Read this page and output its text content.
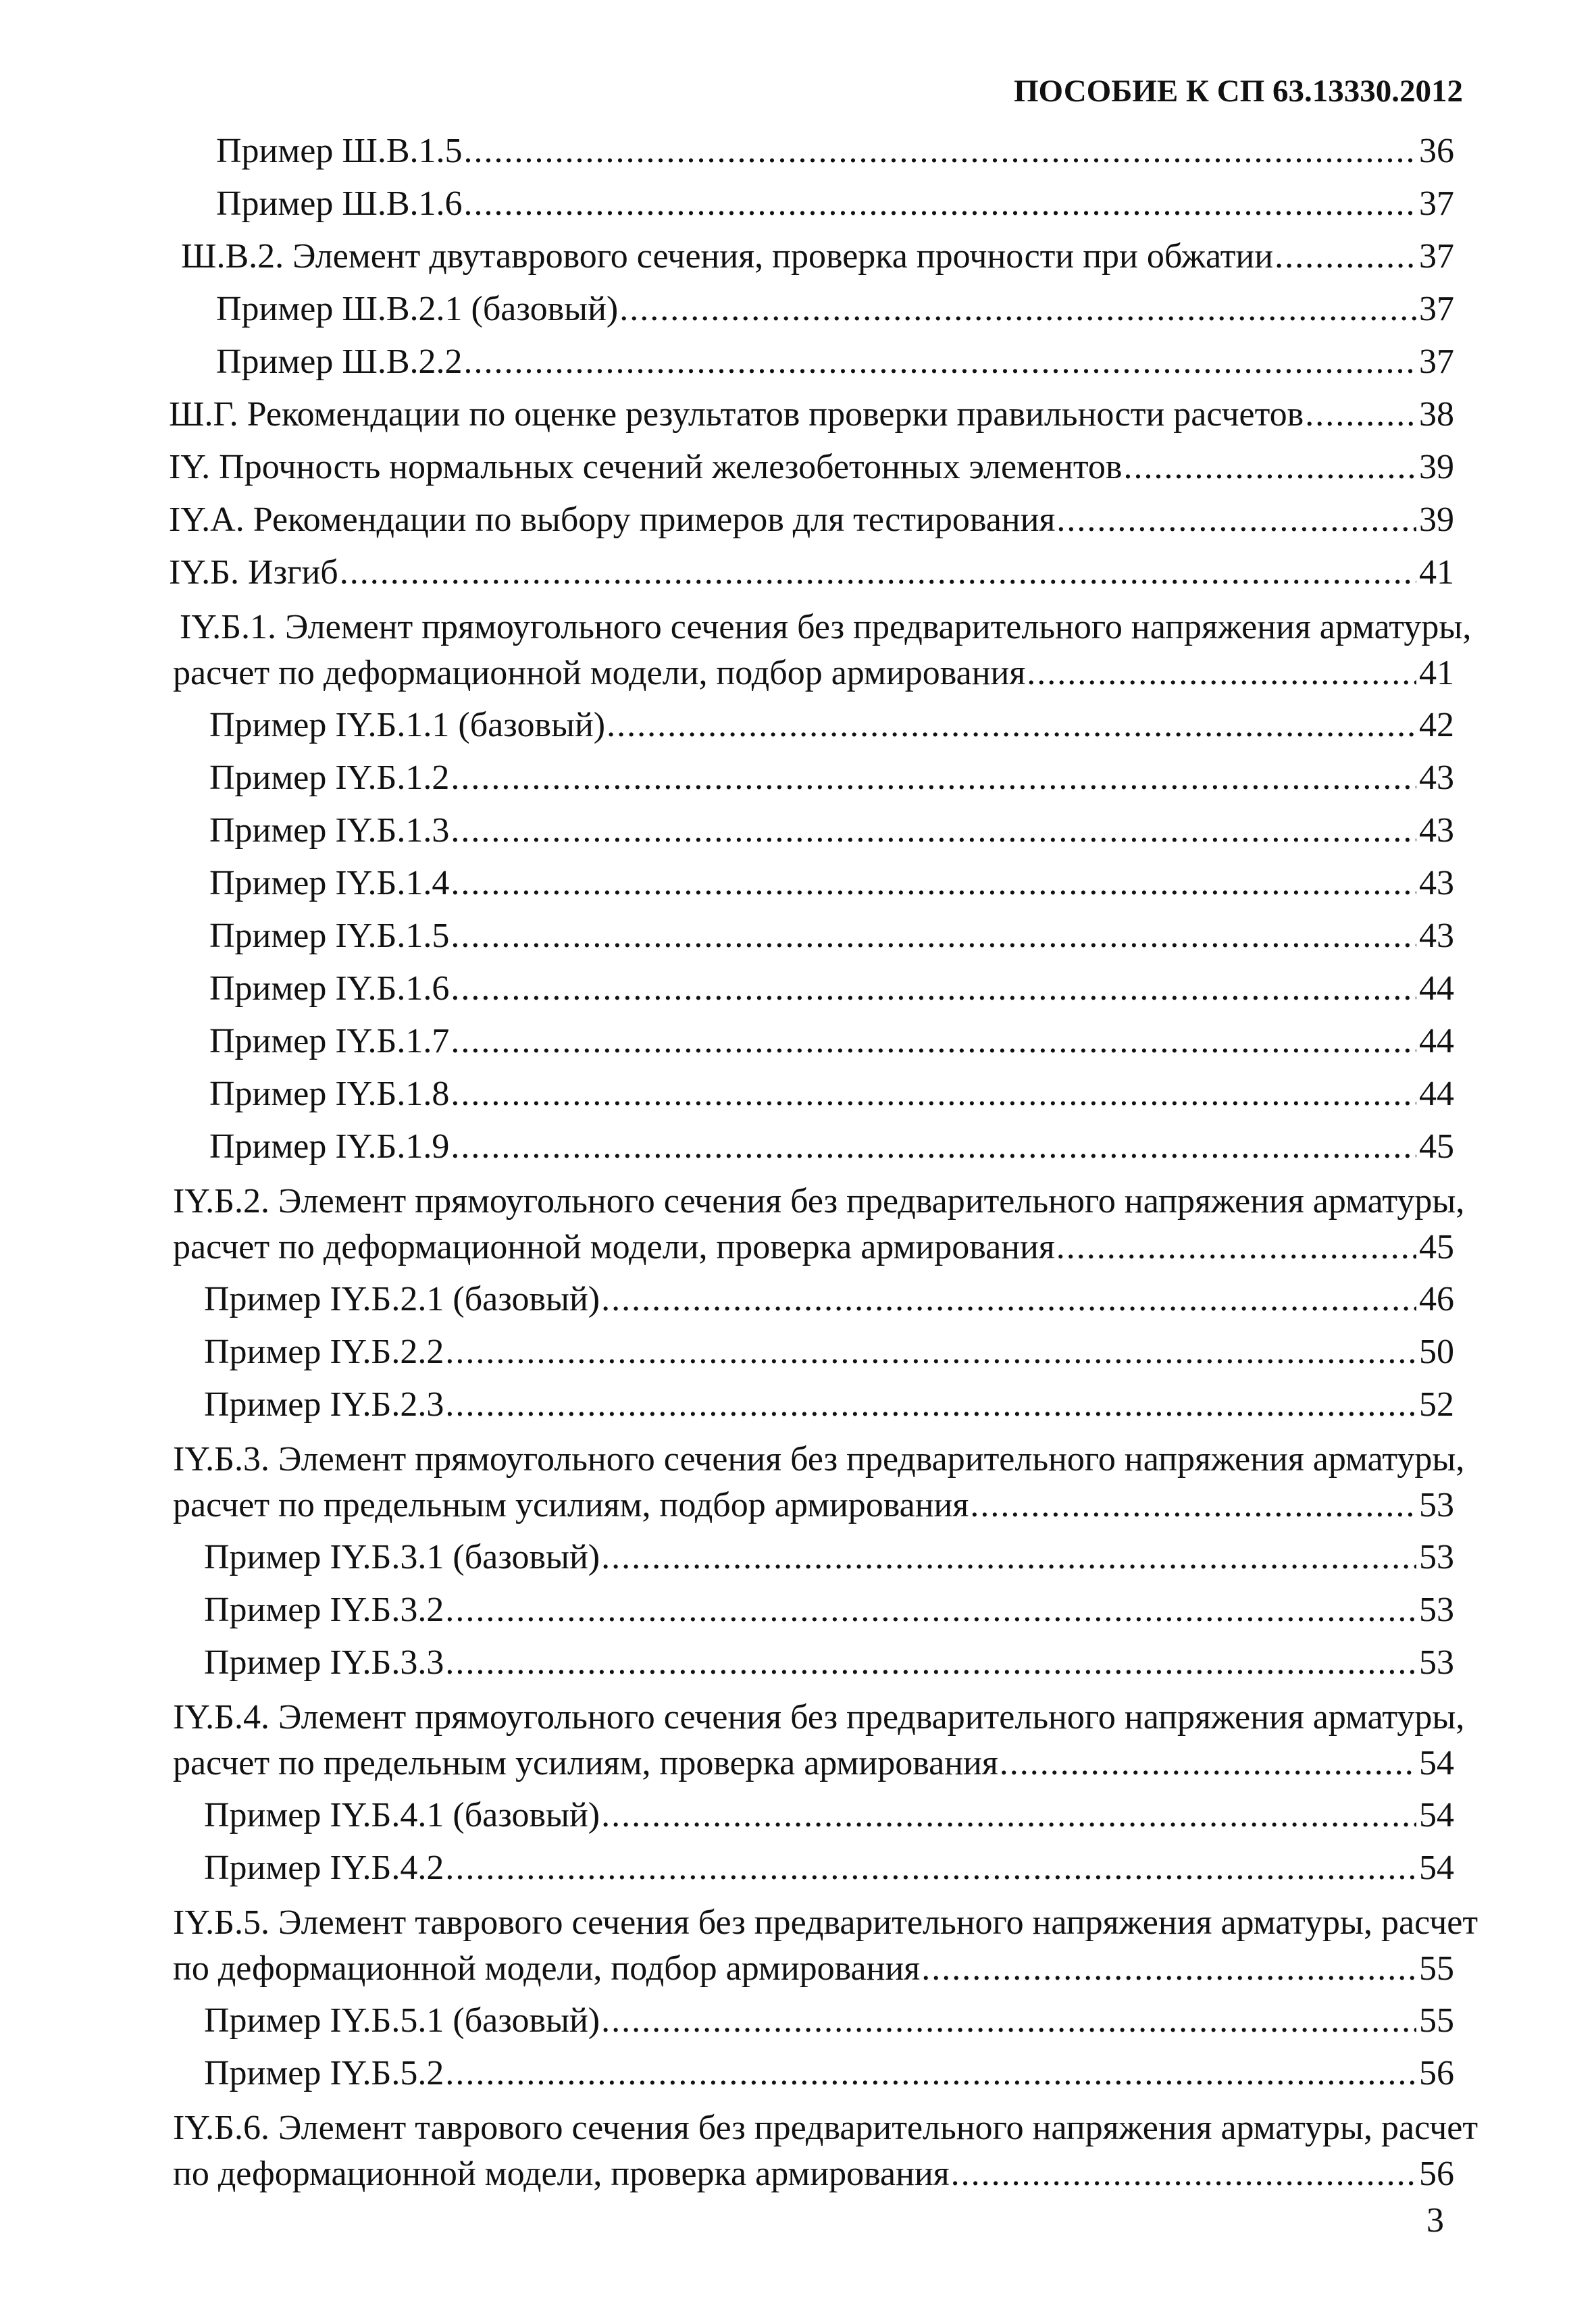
ПОСОБИЕ К СП 63.13330.2012
Пример Ш.В.1.5 .....	36
Пример Ш.В.1.6 .....	37
Ш.В.2. Элемент двутаврового сечения, проверка прочности при обжатии .....	37
Пример Ш.В.2.1 (базовый) .....	37
Пример Ш.В.2.2 .....	37
Ш.Г. Рекомендации по оценке результатов проверки правильности расчетов .....	38
IY. Прочность нормальных сечений железобетонных элементов .....	39
IY.А. Рекомендации по выбору примеров для тестирования .....	39
IY.Б. Изгиб .....	41
IY.Б.1. Элемент прямоугольного сечения без предварительного напряжения арматуры,
расчет по деформационной модели, подбор армирования .....	41
Пример IY.Б.1.1 (базовый) .....	42
Пример IY.Б.1.2 .....	43
Пример IY.Б.1.3 .....	43
Пример IY.Б.1.4 .....	43
Пример IY.Б.1.5 .....	43
Пример IY.Б.1.6 .....	44
Пример IY.Б.1.7 .....	44
Пример IY.Б.1.8 .....	44
Пример IY.Б.1.9 .....	45
IY.Б.2. Элемент прямоугольного сечения без предварительного напряжения арматуры,
расчет по деформационной модели, проверка армирования .....	45
Пример IY.Б.2.1 (базовый) .....	46
Пример IY.Б.2.2 .....	50
Пример IY.Б.2.3 .....	52
IY.Б.3. Элемент прямоугольного сечения без предварительного напряжения арматуры,
расчет по предельным усилиям, подбор армирования .....	53
Пример IY.Б.3.1 (базовый) .....	53
Пример IY.Б.3.2 .....	53
Пример IY.Б.3.3 .....	53
IY.Б.4. Элемент прямоугольного сечения без предварительного напряжения арматуры,
расчет по предельным усилиям, проверка армирования .....	54
Пример IY.Б.4.1 (базовый) .....	54
Пример IY.Б.4.2 .....	54
IY.Б.5. Элемент таврового сечения без предварительного напряжения арматуры, расчет
по деформационной модели, подбор армирования .....	55
Пример IY.Б.5.1 (базовый) .....	55
Пример IY.Б.5.2 .....	56
IY.Б.6. Элемент таврового сечения без предварительного напряжения арматуры, расчет
по деформационной модели, проверка армирования .....	56
3
